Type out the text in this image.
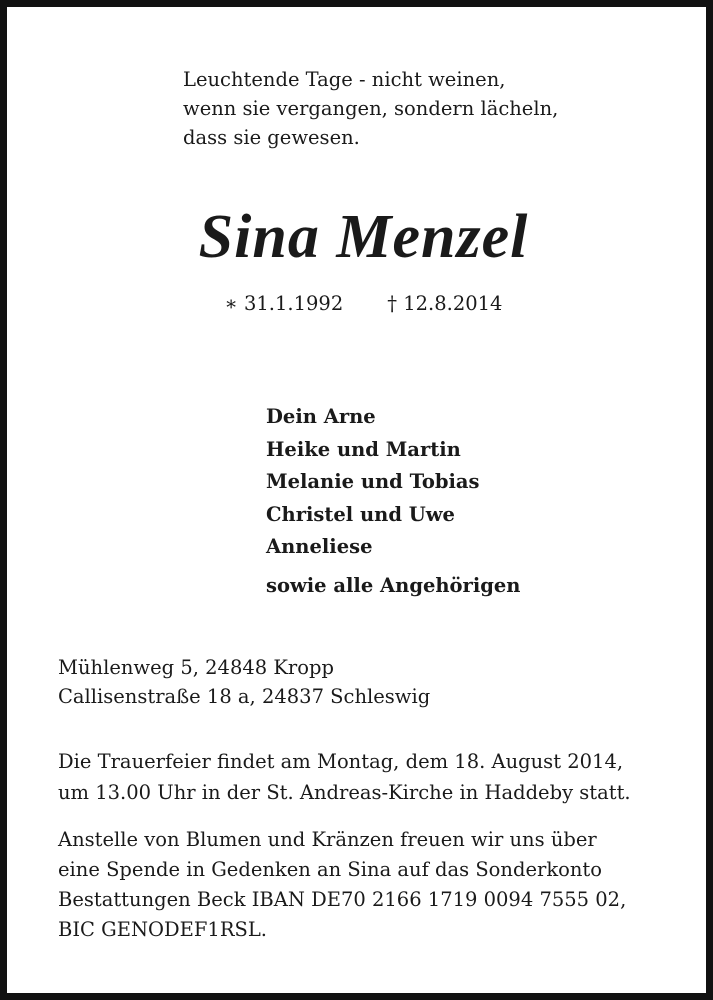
Leuchtende Tage - nicht weinen,
wenn sie vergangen, sondern lächeln,
dass sie gewesen.
Sina Menzel
∗ 31.1.1992 † 12.8.2014
Dein Arne
Heike und Martin
Melanie und Tobias
Christel und Uwe
Anneliese
sowie alle Angehörigen
Mühlenweg 5, 24848 Kropp
Callisenstraße 18 a, 24837 Schleswig
Die Trauerfeier findet am Montag, dem 18. August 2014,
um 13.00 Uhr in der St. Andreas-Kirche in Haddeby statt.
Anstelle von Blumen und Kränzen freuen wir uns über
eine Spende in Gedenken an Sina auf das Sonderkonto
Bestattungen Beck IBAN DE70 2166 1719 0094 7555 02,
BIC GENODEF1RSL.
